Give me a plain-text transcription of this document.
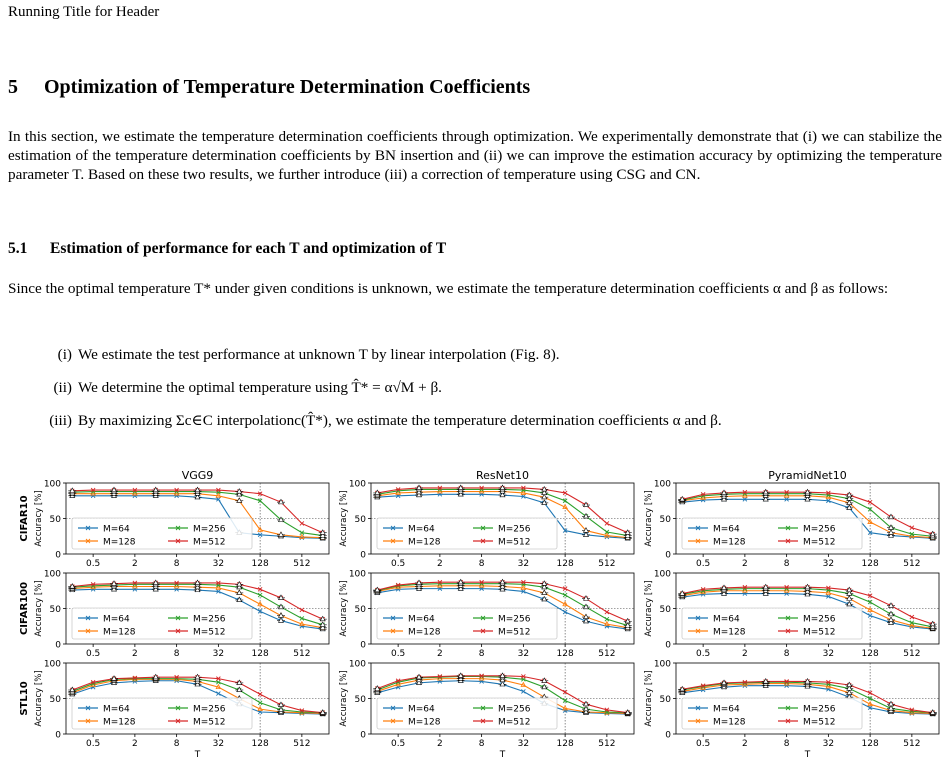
Running Title for Header
5 Optimization of Temperature Determination Coefficients
In this section, we estimate the temperature determination coefficients through optimization. We experimentally demonstrate that (i) we can stabilize the estimation of the temperature determination coefficients by BN insertion and (ii) we can improve the estimation accuracy by optimizing the temperature parameter T. Based on these two results, we further introduce (iii) a correction of temperature using CSG and CN.
5.1 Estimation of performance for each T and optimization of T
Since the optimal temperature T* under given conditions is unknown, we estimate the temperature determination coefficients α and β as follows:
(i) We estimate the test performance at unknown T by linear interpolation (Fig. 8).
(ii) We determine the optimal temperature using T̂* = α√M + β.
(iii) By maximizing Σc∈C interpolationc(T̂*), we estimate the temperature determination coefficients α and β.
VGG9	ResNet10	PyramidNet10
CIFAR10
CIFAR100
STL10
0
50
100
Accuracy [%]
0.5	2	8	32	128	512
M=64
M=128
M=256
M=512
0
50
100
Accuracy [%]
0.5	2	8	32	128	512
M=64
M=128
M=256
M=512
0
50
100
Accuracy [%]
0.5	2	8	32	128	512
M=64
M=128
M=256
M=512
0
50
100
Accuracy [%]
0.5	2	8	32	128	512
M=64
M=128
M=256
M=512
0
50
100
Accuracy [%]
0.5	2	8	32	128	512
M=64
M=128
M=256
M=512
0
50
100
Accuracy [%]
0.5	2	8	32	128	512
M=64
M=128
M=256
M=512
0
50
100
Accuracy [%]
0.5	2	8	32	128	512
T
M=64
M=128
M=256
M=512
0
50
100
Accuracy [%]
0.5	2	8	32	128	512
T
M=64
M=128
M=256
M=512
0
50
100
Accuracy [%]
0.5	2	8	32	128	512
T
M=64
M=128
M=256
M=512
